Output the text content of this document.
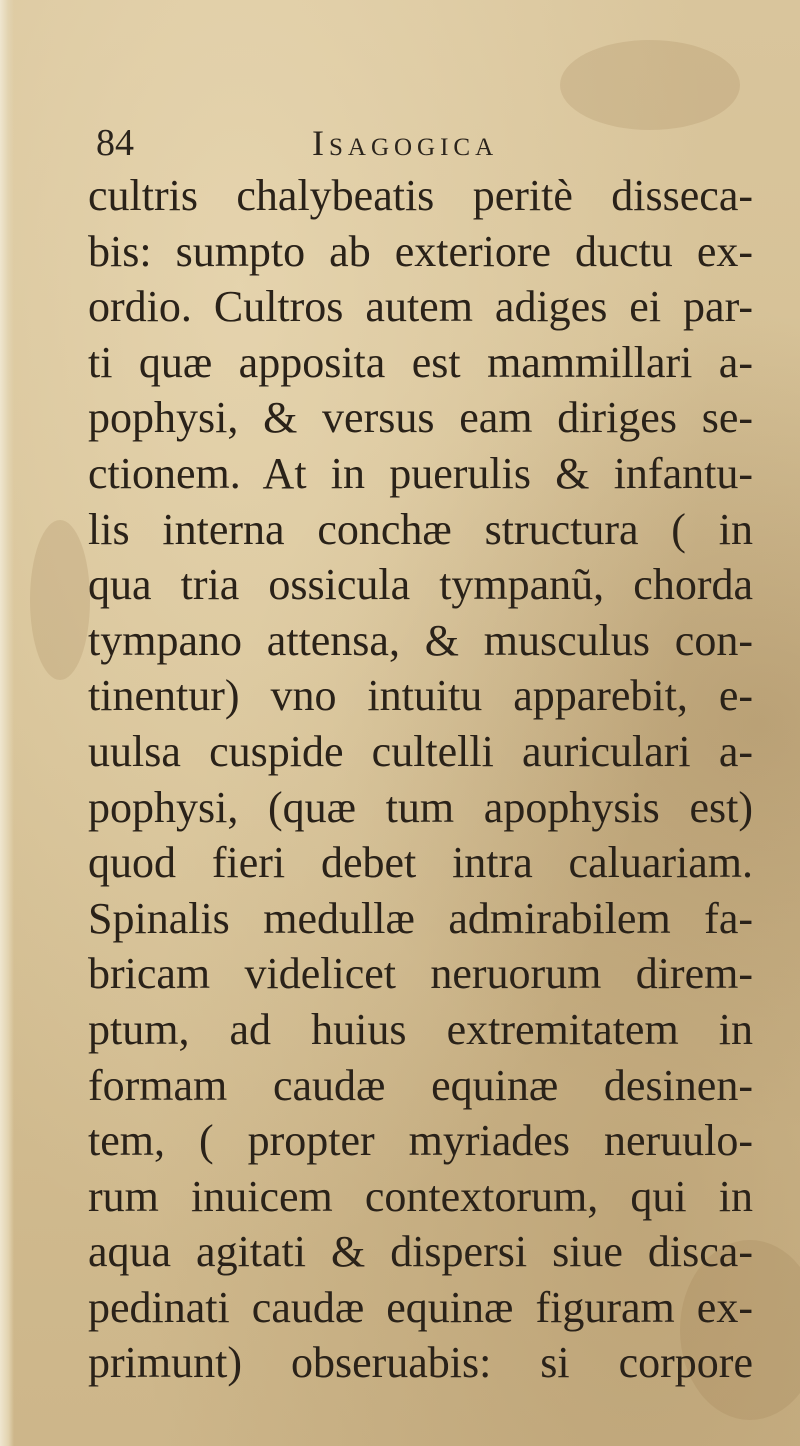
84	Isagogica
cultris chalybeatis peritè disseca-
bis: sumpto ab exteriore ductu ex-
ordio. Cultros autem adiges ei par-
ti quæ apposita est mammillari a-
pophysi, & versus eam diriges se-
ctionem. At in puerulis & infantu-
lis interna conchæ structura ( in
qua tria ossicula tympanũ, chorda
tympano attensa, & musculus con-
tinentur) vno intuitu apparebit, e-
uulsa cuspide cultelli auriculari a-
pophysi, (quæ tum apophysis est)
quod fieri debet intra caluariam.
Spinalis medullæ admirabilem fa-
bricam videlicet neruorum direm-
ptum, ad huius extremitatem in
formam caudæ equinæ desinen-
tem, ( propter myriades neruulo-
rum inuicem contextorum, qui in
aqua agitati & dispersi siue disca-
pedinati caudæ equinæ figuram ex-
primunt) obseruabis: si corpore
